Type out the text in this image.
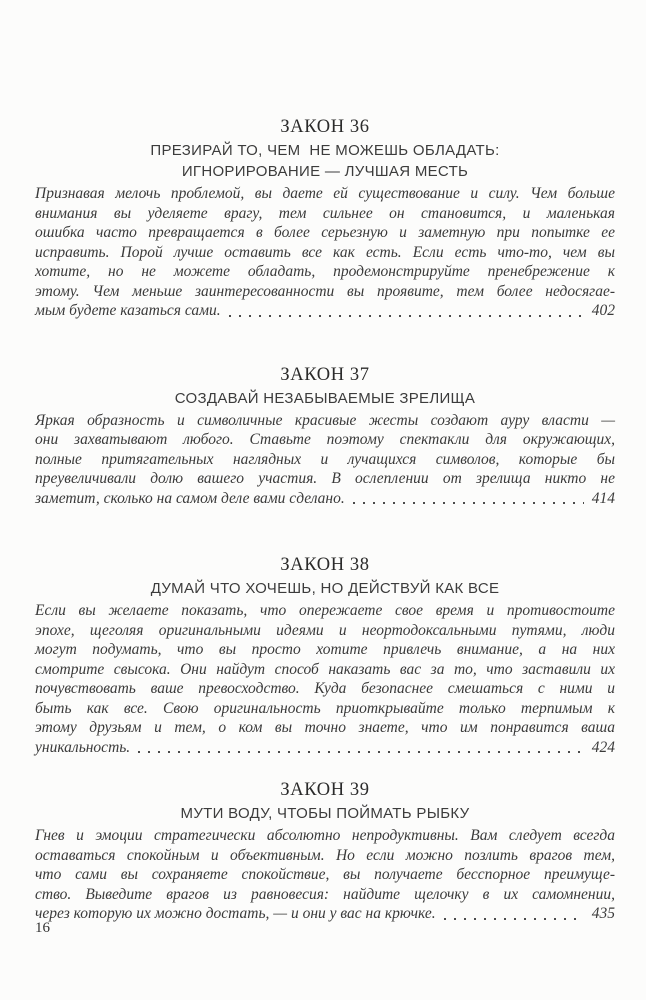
ЗАКОН 36
ПРЕЗИРАЙ ТО, ЧЕМ  НЕ МОЖЕШЬ ОБЛАДАТЬ:
ИГНОРИРОВАНИЕ — ЛУЧШАЯ МЕСТЬ
Признавая мелочь проблемой, вы даете ей существование и силу. Чем больше
внимания вы уделяете врагу, тем сильнее он становится, и маленькая
ошибка часто превращается в более серьезную и заметную при попытке ее
исправить. Порой лучше оставить все как есть. Если есть что-то, чем вы
хотите, но не можете обладать, продемонстрируйте пренебрежение к
этому. Чем меньше заинтересованности вы проявите, тем более недосягае-
мым будете казаться сами.	402
ЗАКОН 37
СОЗДАВАЙ НЕЗАБЫВАЕМЫЕ ЗРЕЛИЩА
Яркая образность и символичные красивые жесты создают ауру власти —
они захватывают любого. Ставьте поэтому спектакли для окружающих,
полные притягательных наглядных и лучащихся символов, которые бы
преувеличивали долю вашего участия. В ослеплении от зрелища никто не
заметит, сколько на самом деле вами сделано.	414
ЗАКОН 38
ДУМАЙ ЧТО ХОЧЕШЬ, НО ДЕЙСТВУЙ КАК ВСЕ
Если вы желаете показать, что опережаете свое время и противостоите
эпохе, щеголяя оригинальными идеями и неортодоксальными путями, люди
могут подумать, что вы просто хотите привлечь внимание, а на них
смотрите свысока. Они найдут способ наказать вас за то, что заставили их
почувствовать ваше превосходство. Куда безопаснее смешаться с ними и
быть как все. Свою оригинальность приоткрывайте только терпимым к
этому друзьям и тем, о ком вы точно знаете, что им понравится ваша
уникальность.	424
ЗАКОН 39
МУТИ ВОДУ, ЧТОБЫ ПОЙМАТЬ РЫБКУ
Гнев и эмоции стратегически абсолютно непродуктивны. Вам следует всегда
оставаться спокойным и объективным. Но если можно позлить врагов тем,
что сами вы сохраняете спокойствие, вы получаете бесспорное преимуще-
ство. Выведите врагов из равновесия: найдите щелочку в их самомнении,
через которую их можно достать, — и они у вас на крючке.	435
16
